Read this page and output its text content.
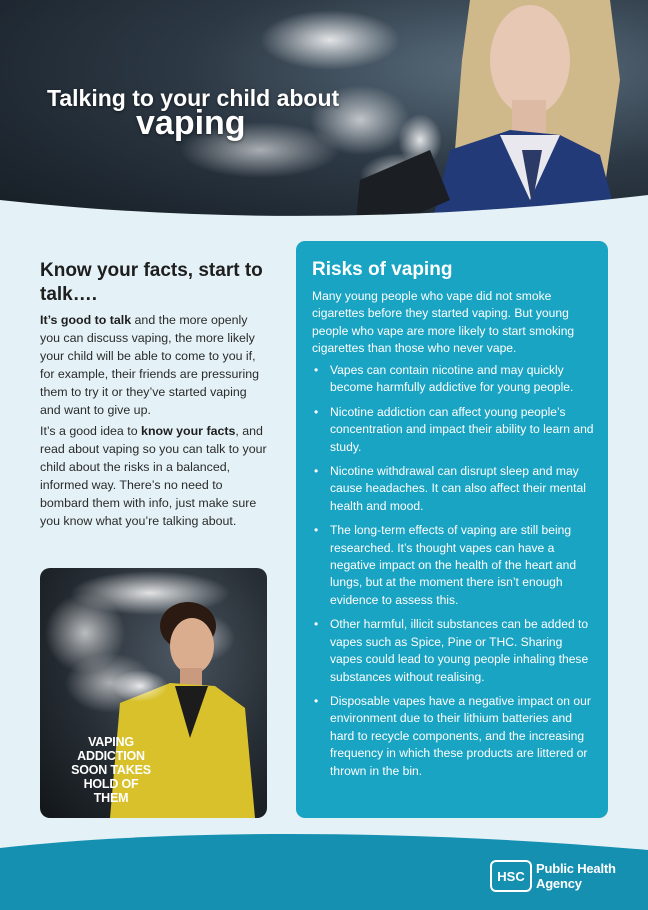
Talking to your child about
vaping
Know your facts, start to talk….

It’s good to talk and the more openly you can discuss vaping, the more likely your child will be able to come to you if, for example, their friends are pressuring them to try it or they’ve started vaping and want to give up.

It’s a good idea to know your facts, and read about vaping so you can talk to your child about the risks in a balanced, informed way. There’s no need to bombard them with info, just make sure you know what you’re talking about.

VAPING
ADDICTION
SOON TAKES
HOLD OF
THEM
Risks of vaping

Many young people who vape did not smoke cigarettes before they started vaping. But young people who vape are more likely to start smoking cigarettes than those who never vape.

• Vapes can contain nicotine and may quickly become harmfully addictive for young people.
• Nicotine addiction can affect young people’s concentration and impact their ability to learn and study.
• Nicotine withdrawal can disrupt sleep and may cause headaches. It can also affect their mental health and mood.
• The long-term effects of vaping are still being researched. It’s thought vapes can have a negative impact on the health of the heart and lungs, but at the moment there isn’t enough evidence to assess this.
• Other harmful, illicit substances can be added to vapes such as Spice, Pine or THC. Sharing vapes could lead to young people inhaling these substances without realising.
• Disposable vapes have a negative impact on our environment due to their lithium batteries and hard to recycle components, and the increasing frequency in which these products are littered or thrown in the bin.
HSC Public Health
Agency
